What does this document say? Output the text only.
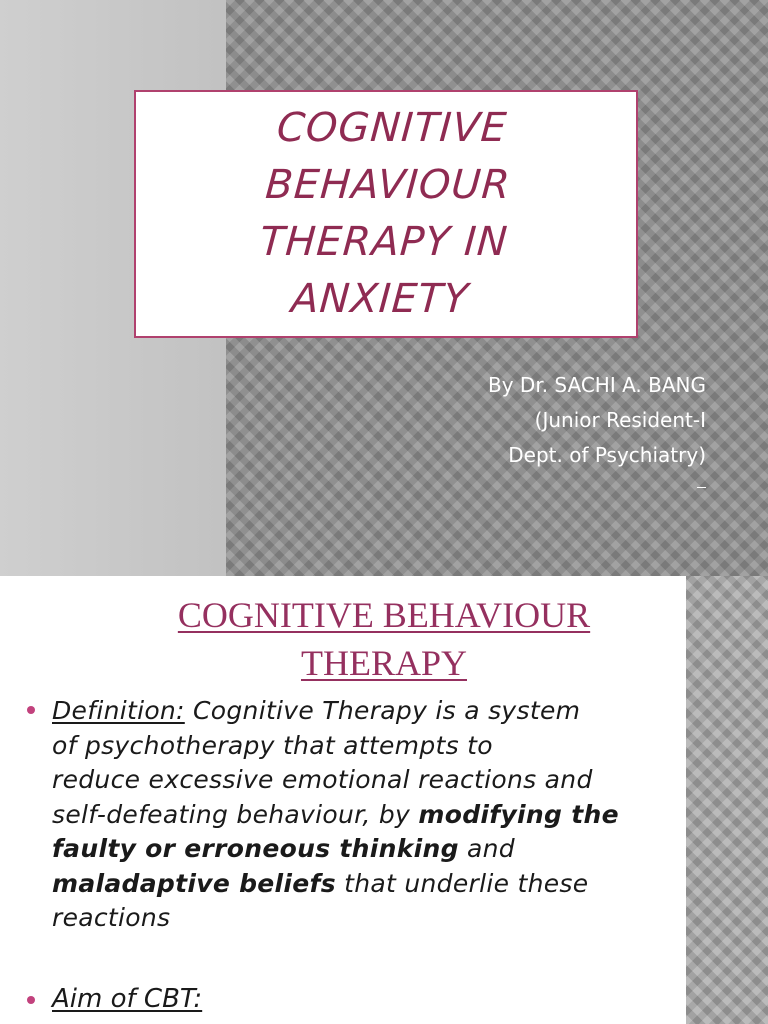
COGNITIVE BEHAVIOUR THERAPY IN ANXIETY
By Dr. SACHI A. BANG
(Junior Resident-I
Dept. of Psychiatry)
COGNITIVE BEHAVIOUR
THERAPY
Definition: Cognitive Therapy is a system
of psychotherapy that attempts to
reduce excessive emotional reactions and
self-defeating behaviour, by modifying the
faulty or erroneous thinking and
maladaptive beliefs that underlie these
reactions
Aim of CBT:
